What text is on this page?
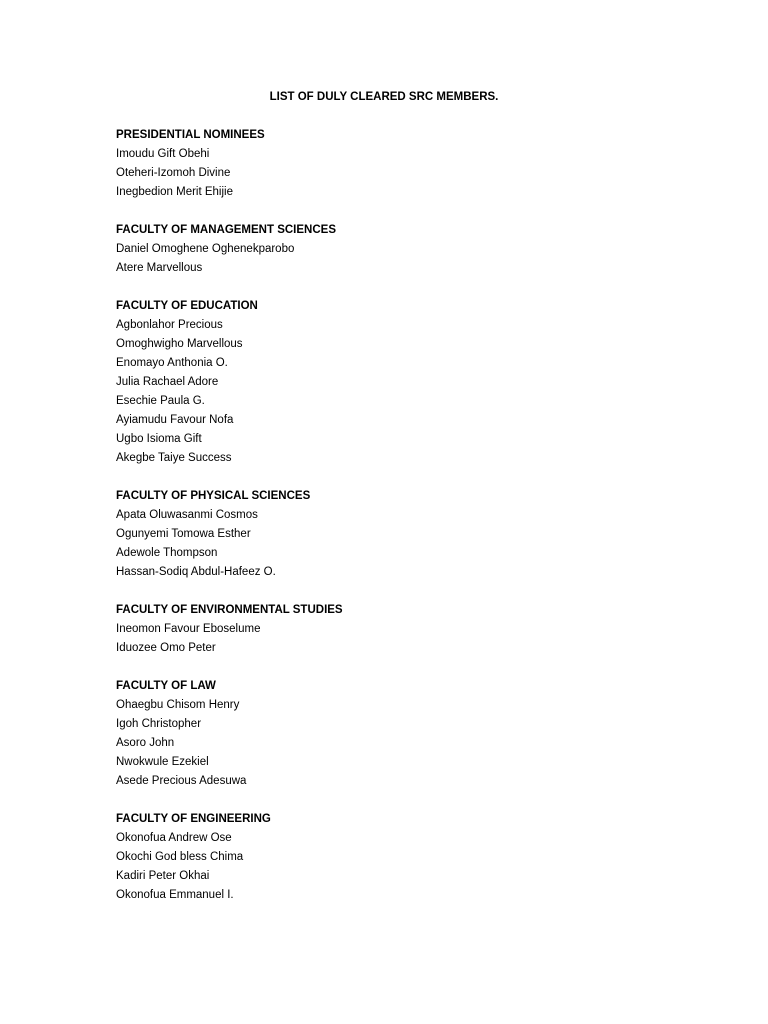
LIST OF DULY CLEARED SRC MEMBERS.
PRESIDENTIAL NOMINEES
Imoudu Gift Obehi
Oteheri-Izomoh Divine
Inegbedion Merit Ehijie
FACULTY OF MANAGEMENT SCIENCES
Daniel Omoghene Oghenekparobo
Atere Marvellous
FACULTY OF EDUCATION
Agbonlahor Precious
Omoghwigho Marvellous
Enomayo Anthonia O.
Julia Rachael Adore
Esechie Paula G.
Ayiamudu Favour Nofa
Ugbo Isioma Gift
Akegbe Taiye Success
FACULTY OF PHYSICAL SCIENCES
Apata Oluwasanmi Cosmos
Ogunyemi Tomowa Esther
Adewole Thompson
Hassan-Sodiq Abdul-Hafeez O.
FACULTY OF ENVIRONMENTAL STUDIES
Ineomon Favour Eboselume
Iduozee Omo Peter
FACULTY OF LAW
Ohaegbu Chisom Henry
Igoh Christopher
Asoro John
Nwokwule Ezekiel
Asede Precious Adesuwa
FACULTY OF ENGINEERING
Okonofua Andrew Ose
Okochi God bless Chima
Kadiri Peter Okhai
Okonofua Emmanuel I.
